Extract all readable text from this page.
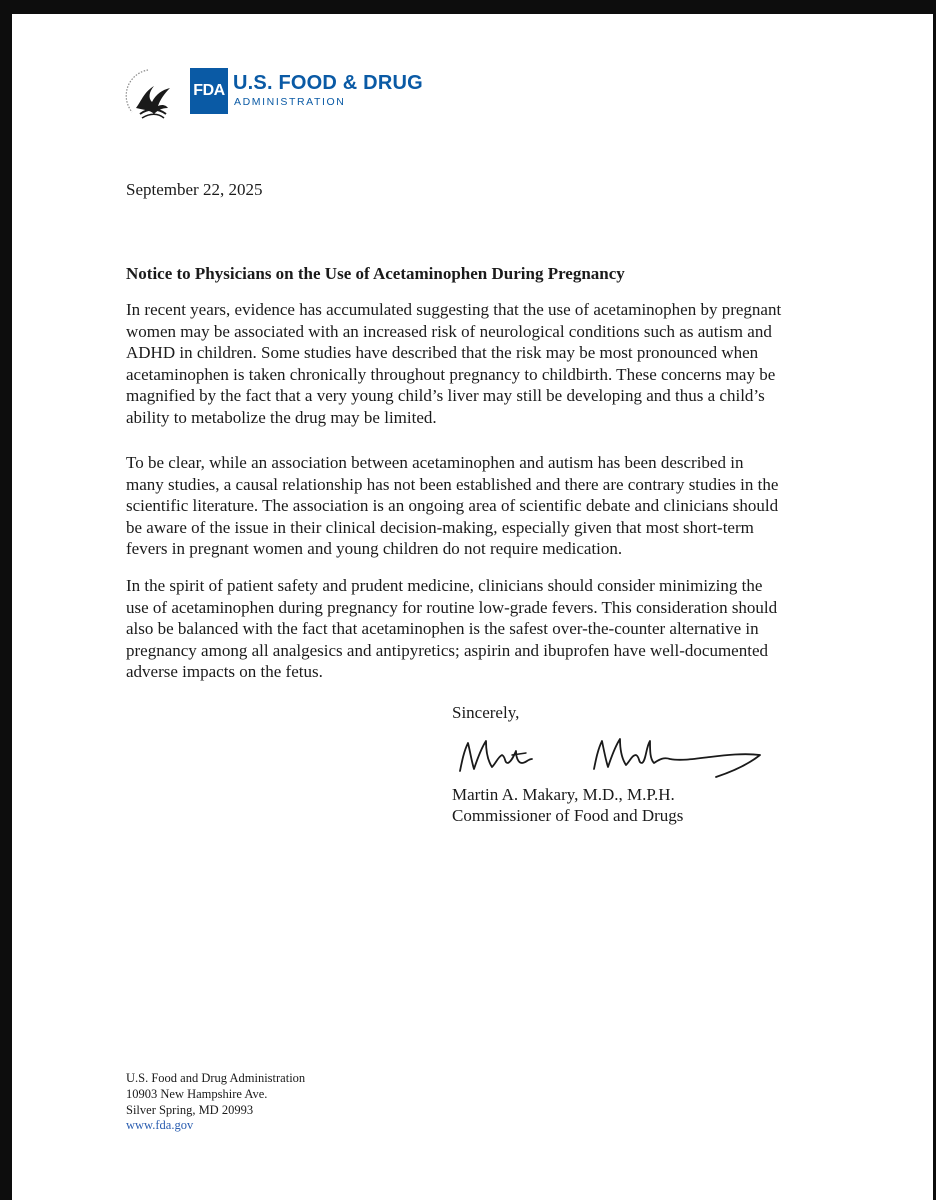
FDA U.S. FOOD & DRUG
ADMINISTRATION
September 22, 2025
Notice to Physicians on the Use of Acetaminophen During Pregnancy

In recent years, evidence has accumulated suggesting that the use of acetaminophen by pregnant
women may be associated with an increased risk of neurological conditions such as autism and
ADHD in children. Some studies have described that the risk may be most pronounced when
acetaminophen is taken chronically throughout pregnancy to childbirth. These concerns may be
magnified by the fact that a very young child’s liver may still be developing and thus a child’s
ability to metabolize the drug may be limited.

To be clear, while an association between acetaminophen and autism has been described in
many studies, a causal relationship has not been established and there are contrary studies in the
scientific literature. The association is an ongoing area of scientific debate and clinicians should
be aware of the issue in their clinical decision-making, especially given that most short-term
fevers in pregnant women and young children do not require medication.

In the spirit of patient safety and prudent medicine, clinicians should consider minimizing the
use of acetaminophen during pregnancy for routine low-grade fevers. This consideration should
also be balanced with the fact that acetaminophen is the safest over-the-counter alternative in
pregnancy among all analgesics and antipyretics; aspirin and ibuprofen have well-documented
adverse impacts on the fetus.

Sincerely,
Martin A. Makary, M.D., M.P.H.
Commissioner of Food and Drugs
U.S. Food and Drug Administration
10903 New Hampshire Ave.
Silver Spring, MD 20993
www.fda.gov
